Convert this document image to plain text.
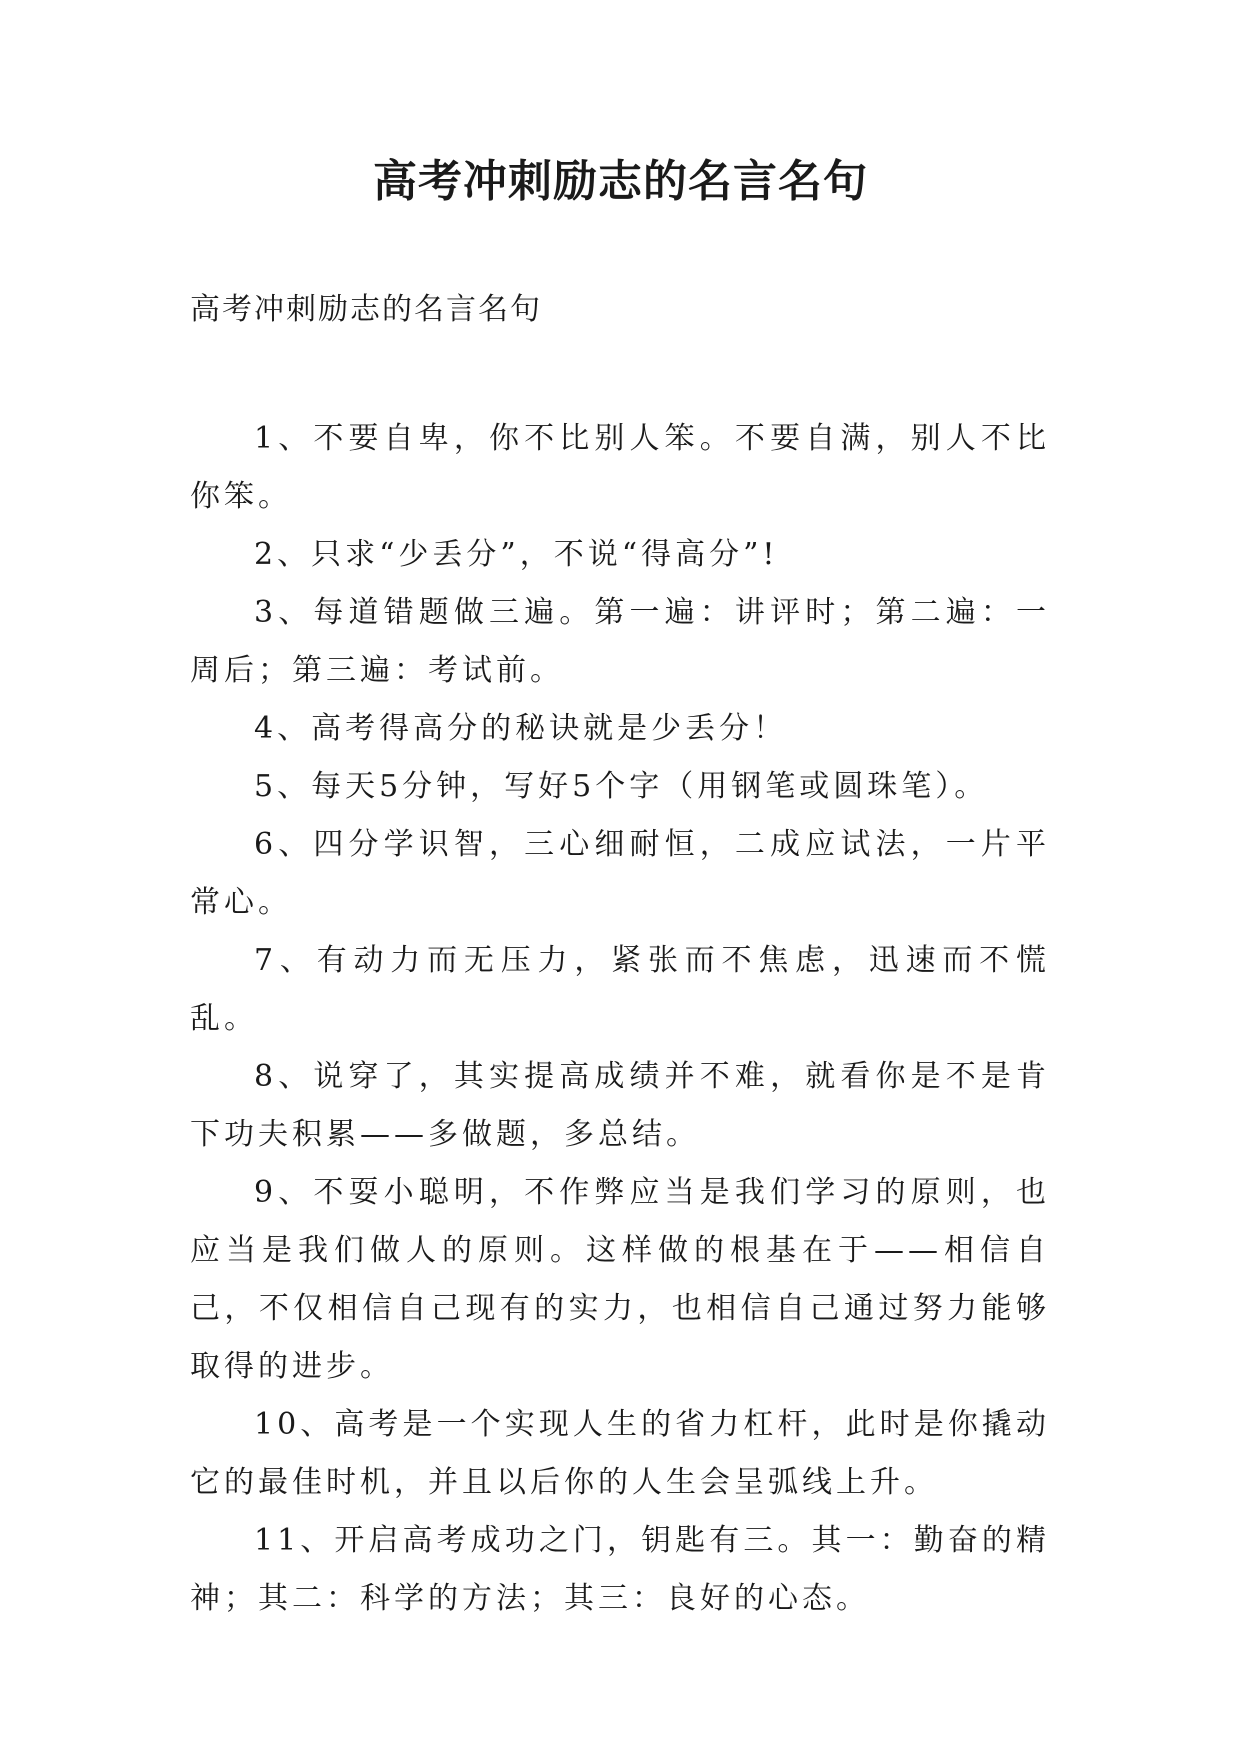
高考冲刺励志的名言名句
高考冲刺励志的名言名句

1、不要自卑，你不比别人笨。不要自满，别人不比你笨。

2、只求“少丢分”，不说“得高分”!

3、每道错题做三遍。第一遍：讲评时；第二遍：一周后；第三遍：考试前。

4、高考得高分的秘诀就是少丢分！

5、每天5分钟，写好5个字（用钢笔或圆珠笔）。

6、四分学识智，三心细耐恒，二成应试法，一片平常心。

7、有动力而无压力，紧张而不焦虑，迅速而不慌乱。

8、说穿了，其实提高成绩并不难，就看你是不是肯下功夫积累——多做题，多总结。

9、不耍小聪明，不作弊应当是我们学习的原则，也应当是我们做人的原则。这样做的根基在于——相信自己，不仅相信自己现有的实力，也相信自己通过努力能够取得的进步。

10、高考是一个实现人生的省力杠杆，此时是你撬动它的最佳时机，并且以后你的人生会呈弧线上升。

11、开启高考成功之门，钥匙有三。其一：勤奋的精神；其二：科学的方法；其三：良好的心态。
